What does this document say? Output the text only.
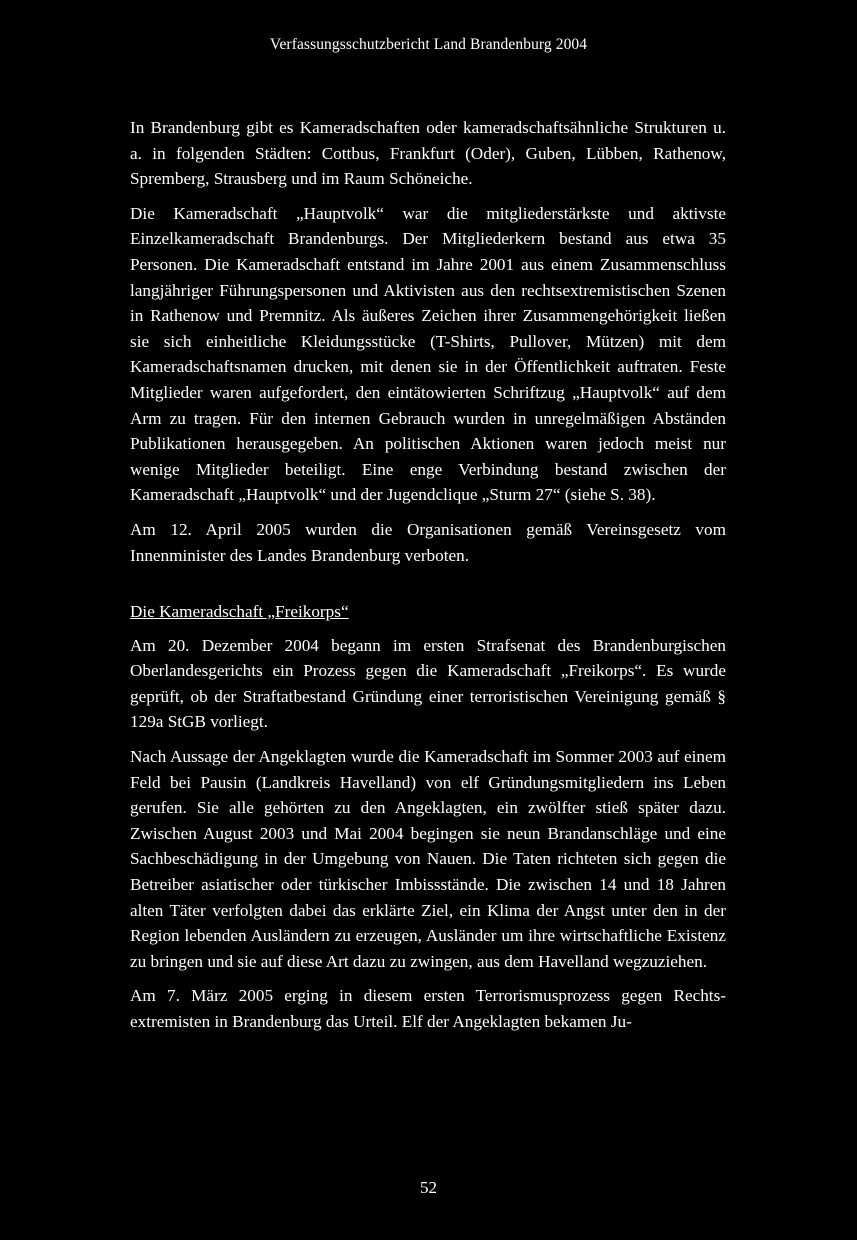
Verfassungsschutzbericht Land Brandenburg 2004

In Brandenburg gibt es Kameradschaften oder kameradschaftsähnliche Strukturen u. a. in folgenden Städten: Cottbus, Frankfurt (Oder), Guben, Lübben, Rathenow, Spremberg, Strausberg und im Raum Schöneiche.

Die Kameradschaft „Hauptvolk“ war die mitgliederstärkste und aktivste Einzelkameradschaft Brandenburgs. Der Mitgliederkern bestand aus etwa 35 Personen. Die Kameradschaft entstand im Jahre 2001 aus einem Zusammenschluss langjähriger Führungspersonen und Aktivisten aus den rechtsextremistischen Szenen in Rathenow und Premnitz. Als äußeres Zeichen ihrer Zusammengehörigkeit ließen sie sich einheitliche Kleidungsstücke (T-Shirts, Pullover, Mützen) mit dem Kameradschaftsnamen drucken, mit denen sie in der Öffentlichkeit auftraten. Feste Mitglieder waren aufgefordert, den eintätowierten Schriftzug „Hauptvolk“ auf dem Arm zu tragen. Für den internen Gebrauch wurden in unregelmäßigen Abständen Publikationen herausgegeben. An politischen Aktionen waren jedoch meist nur wenige Mitglieder beteiligt. Eine enge Verbindung bestand zwischen der Kameradschaft „Hauptvolk“ und der Jugendclique „Sturm 27“ (siehe S. 38).

Am 12. April 2005 wurden die Organisationen gemäß Vereinsgesetz vom Innenminister des Landes Brandenburg verboten.

Die Kameradschaft „Freikorps“

Am 20. Dezember 2004 begann im ersten Strafsenat des Brandenburgischen Oberlandesgerichts ein Prozess gegen die Kameradschaft „Freikorps“. Es wurde geprüft, ob der Straftatbestand Gründung einer terroristischen Vereinigung gemäß § 129a StGB vorliegt.

Nach Aussage der Angeklagten wurde die Kameradschaft im Sommer 2003 auf einem Feld bei Pausin (Landkreis Havelland) von elf Gründungsmitgliedern ins Leben gerufen. Sie alle gehörten zu den Angeklagten, ein zwölfter stieß später dazu. Zwischen August 2003 und Mai 2004 begingen sie neun Brandanschläge und eine Sachbeschädigung in der Umgebung von Nauen. Die Taten richteten sich gegen die Betreiber asiatischer oder türkischer Imbissstände. Die zwischen 14 und 18 Jahren alten Täter verfolgten dabei das erklärte Ziel, ein Klima der Angst unter den in der Region lebenden Ausländern zu erzeugen, Ausländer um ihre wirtschaftliche Existenz zu bringen und sie auf diese Art dazu zu zwingen, aus dem Havelland wegzuziehen.

Am 7. März 2005 erging in diesem ersten Terrorismusprozess gegen Rechtsextremisten in Brandenburg das Urteil. Elf der Angeklagten bekamen Ju-

52
